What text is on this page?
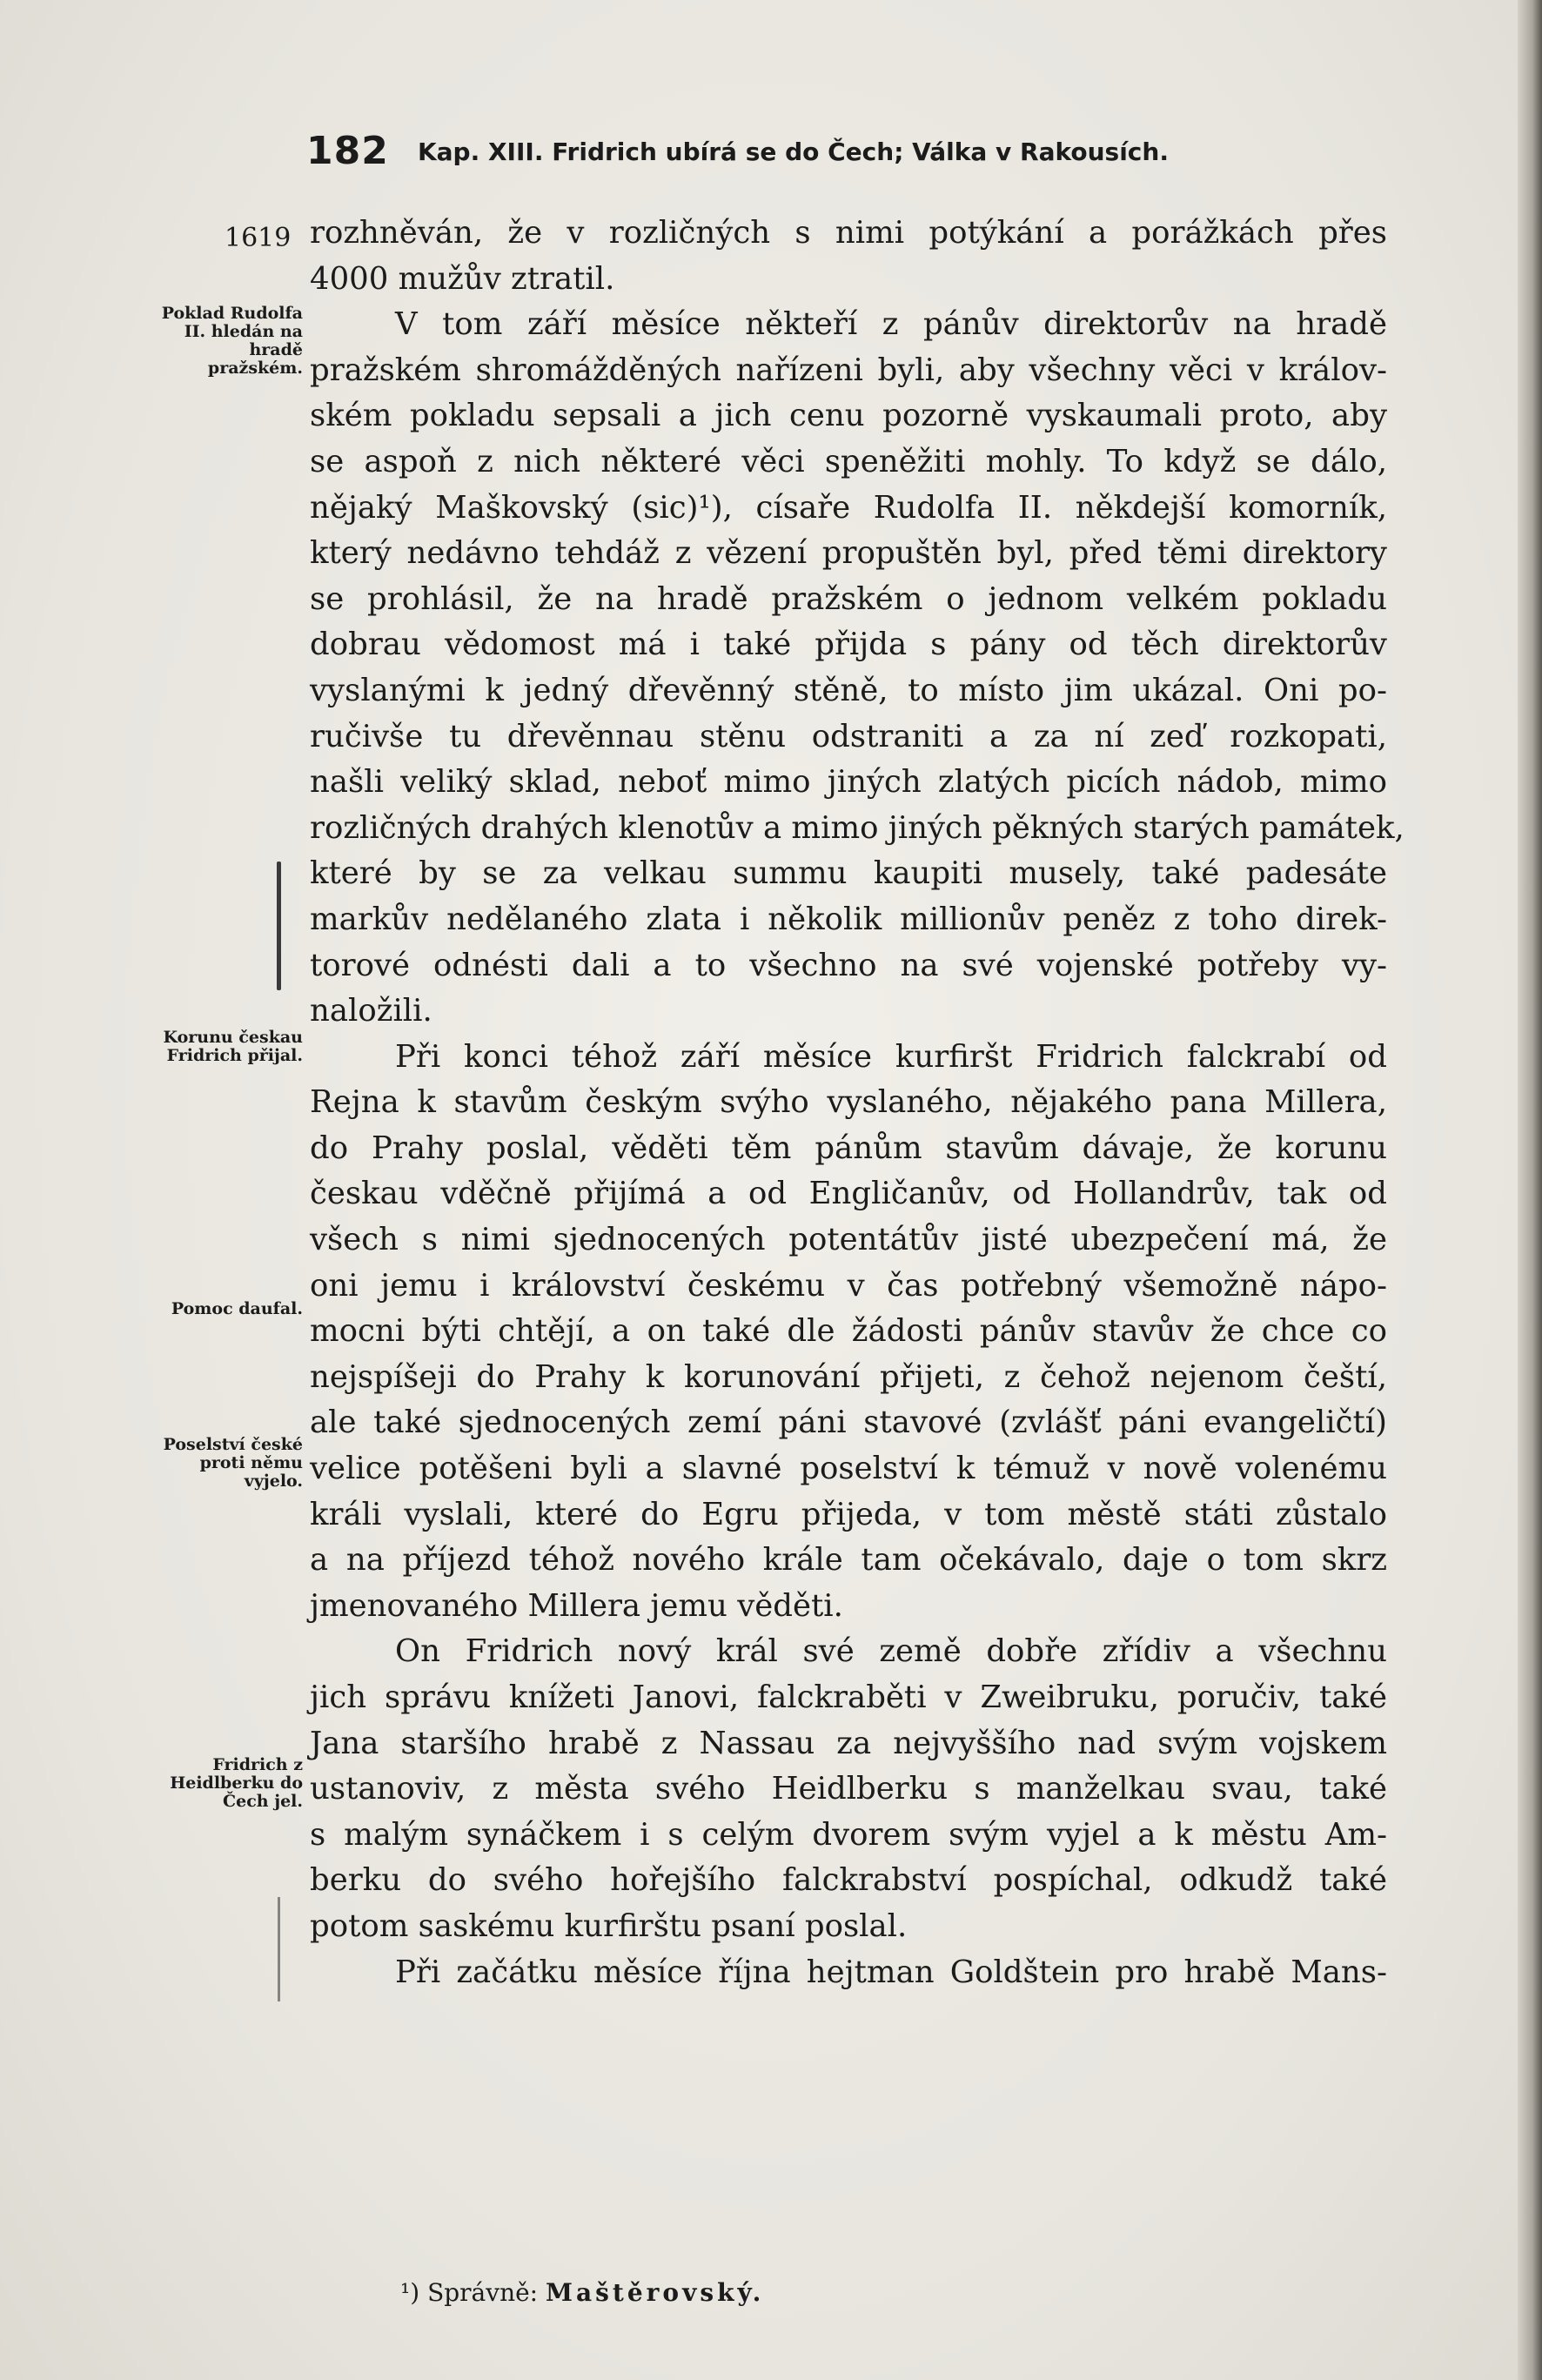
182 Kap. XIII. Fridrich ubírá se do Čech; Válka v Rakousích.
1619
Poklad Rudolfa II. hledán na hradě pražském.
Korunu českau Fridrich přijal.
Pomoc daufal.
Poselství české proti němu vyjelo.
Fridrich z Heidlberku do Čech jel.
rozhněván, že v rozličných s nimi potýkání a porážkách přes
4000 mužův ztratil.
V tom září měsíce někteří z pánův direktorův na hradě
pražském shromážděných nařízeni byli, aby všechny věci v králov-
ském pokladu sepsali a jich cenu pozorně vyskaumali proto, aby
se aspoň z nich některé věci speněžiti mohly. To když se dálo,
nějaký Maškovský (sic)¹), císaře Rudolfa II. někdejší komorník,
který nedávno tehdáž z vězení propuštěn byl, před těmi direktory
se prohlásil, že na hradě pražském o jednom velkém pokladu
dobrau vědomost má i také přijda s pány od těch direktorův
vyslanými k jedný dřevěnný stěně, to místo jim ukázal. Oni po-
ručivše tu dřevěnnau stěnu odstraniti a za ní zeď rozkopati,
našli veliký sklad, neboť mimo jiných zlatých picích nádob, mimo
rozličných drahých klenotův a mimo jiných pěkných starých památek,
které by se za velkau summu kaupiti musely, také padesáte
markův nedělaného zlata i několik millionův peněz z toho direk-
torové odnésti dali a to všechno na své vojenské potřeby vy-
naložili.
Při konci téhož září měsíce kurfiršt Fridrich falckrabí od
Rejna k stavům českým svýho vyslaného, nějakého pana Millera,
do Prahy poslal, věděti těm pánům stavům dávaje, že korunu
českau vděčně přijímá a od Engličanův, od Hollandrův, tak od
všech s nimi sjednocených potentátův jisté ubezpečení má, že
oni jemu i království českému v čas potřebný všemožně nápo-
mocni býti chtějí, a on také dle žádosti pánův stavův že chce co
nejspíšeji do Prahy k korunování přijeti, z čehož nejenom čeští,
ale také sjednocených zemí páni stavové (zvlášť páni evangeličtí)
velice potěšeni byli a slavné poselství k témuž v nově volenému
králi vyslali, které do Egru přijeda, v tom městě státi zůstalo
a na příjezd téhož nového krále tam očekávalo, daje o tom skrz
jmenovaného Millera jemu věděti.
On Fridrich nový král své země dobře zřídiv a všechnu
jich správu knížeti Janovi, falckraběti v Zweibruku, poručiv, také
Jana staršího hrabě z Nassau za nejvyššího nad svým vojskem
ustanoviv, z města svého Heidlberku s manželkau svau, také
s malým synáčkem i s celým dvorem svým vyjel a k městu Am-
berku do svého hořejšího falckrabství pospíchal, odkudž také
potom saskému kurfirštu psaní poslal.
Při začátku měsíce října hejtman Goldštein pro hrabě Mans-
¹) Správně: Maštěrovský.
